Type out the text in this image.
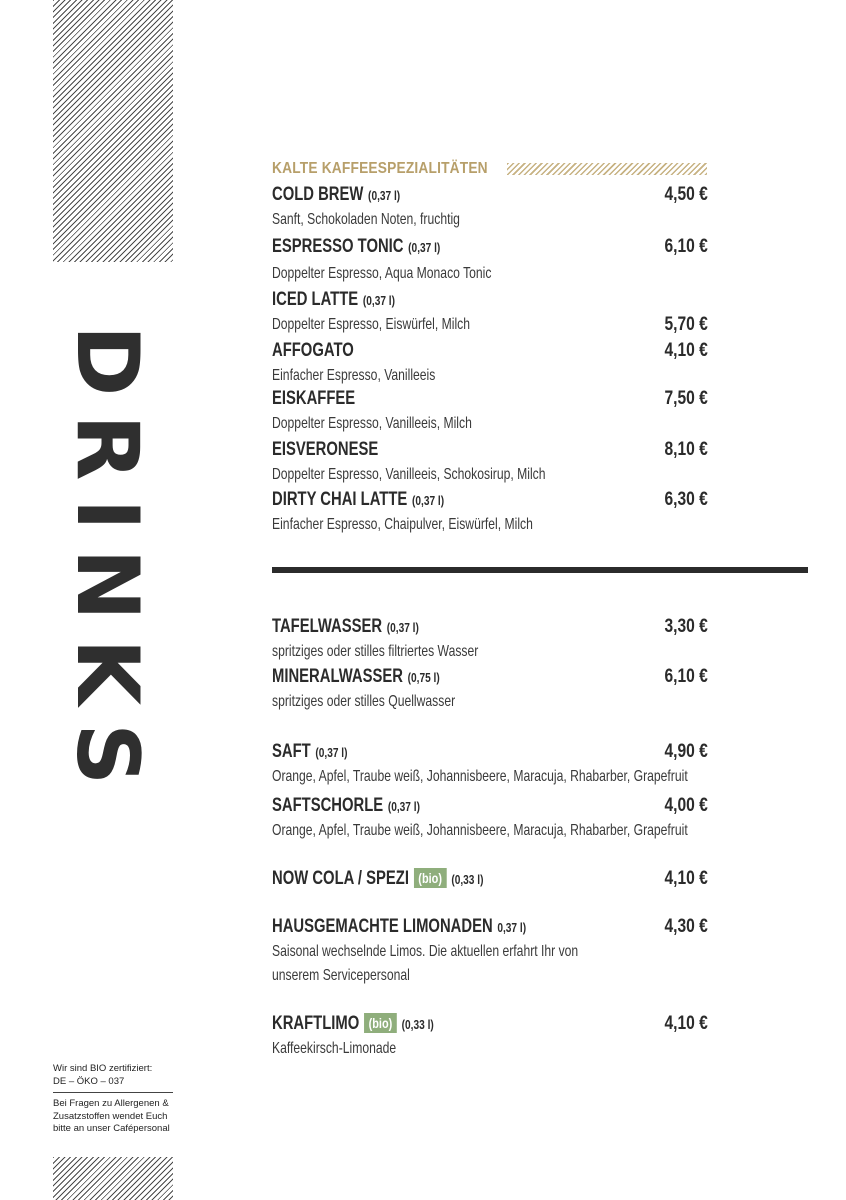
DRINKS
Wir sind BIO zertifiziert:
DE – ÖKO – 037
Bei Fragen zu Allergenen &
Zusatzstoffen wendet Euch
bitte an unser Cafépersonal
KALTE KAFFEESPEZIALITÄTEN
COLD BREW (0,37 l)	4,50 €
Sanft, Schokoladen Noten, fruchtig
ESPRESSO TONIC (0,37 l)	6,10 €
Doppelter Espresso, Aqua Monaco Tonic
ICED LATTE (0,37 l)
5,70 €
Doppelter Espresso, Eiswürfel, Milch
AFFOGATO	4,10 €
Einfacher Espresso, Vanilleeis
EISKAFFEE	7,50 €
Doppelter Espresso, Vanilleeis, Milch
EISVERONESE	8,10 €
Doppelter Espresso, Vanilleeis, Schokosirup, Milch
DIRTY CHAI LATTE (0,37 l)	6,30 €
Einfacher Espresso, Chaipulver, Eiswürfel, Milch
TAFELWASSER (0,37 l)	3,30 €
spritziges oder stilles filtriertes Wasser
MINERALWASSER (0,75 l)	6,10 €
spritziges oder stilles Quellwasser
SAFT (0,37 l)	4,90 €
Orange, Apfel, Traube weiß, Johannisbeere, Maracuja, Rhabarber, Grapefruit
SAFTSCHORLE (0,37 l)	4,00 €
Orange, Apfel, Traube weiß, Johannisbeere, Maracuja, Rhabarber, Grapefruit
NOW COLA / SPEZI (bio) (0,33 l)	4,10 €
HAUSGEMACHTE LIMONADEN 0,37 l)	4,30 €
Saisonal wechselnde Limos. Die aktuellen erfahrt Ihr von
unserem Servicepersonal
KRAFTLIMO (bio) (0,33 l)	4,10 €
Kaffeekirsch-Limonade
